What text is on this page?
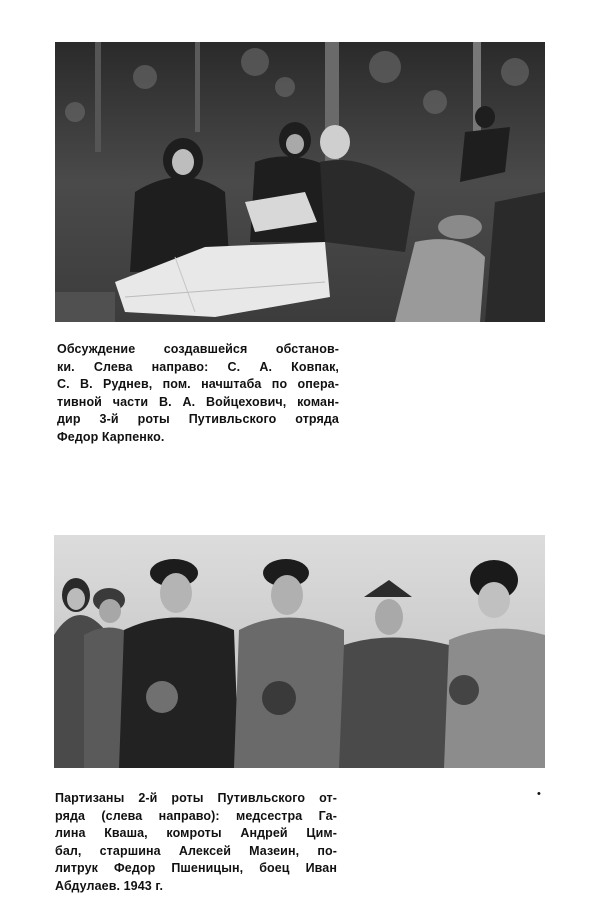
Обсуждение создавшейся обстанов-
ки. Слева направо: С. А. Ковпак,
С. В. Руднев, пом. начштаба по опера-
тивной части В. А. Войцехович, коман-
дир 3-й роты Путивльского отряда
Федор Карпенко.
Партизаны 2-й роты Путивльского от-
ряда (слева направо): медсестра Га-
лина Кваша, комроты Андрей Цим-
бал, старшина Алексей Мазеин, по-
литрук Федор Пшеницын, боец Иван
Абдулаев. 1943 г.
•
